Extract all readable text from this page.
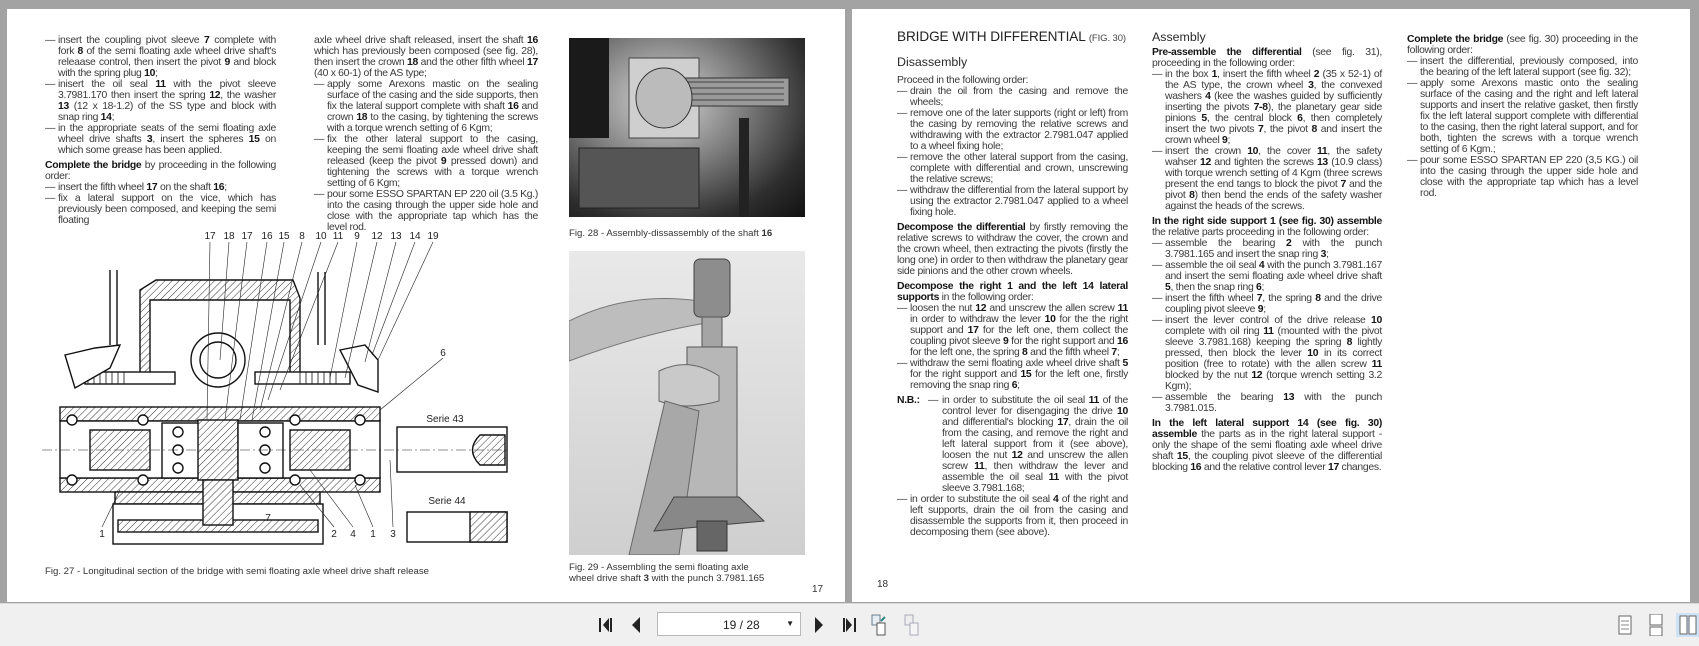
— insert the coupling pivot sleeve 7 complete with fork 8 of the semi floating axle wheel drive shaft's releaase control, then insert the pivot 9 and block with the spring plug 10;
— inisert the oil seal 11 with the pivot sleeve 3.7981.170 then insert the spring 12, the washer 13 (12 x 18-1.2) of the SS type and block with snap ring 14;
— in the appropriate seats of the semi floating axle wheel drive shafts 3, insert the spheres 15 on which some grease has been applied.
Complete the bridge by proceeding in the following order:
— insert the fifth wheel 17 on the shaft 16;
— fix a lateral support on the vice, which has previously been composed, and keeping the semi floating
axle wheel drive shaft released, insert the shaft 16 which has previously been composed (see fig. 28), then insert the crown 18 and the other fifth wheel 17 (40 x 60-1) of the AS type;
— apply some Arexons mastic on the sealing surface of the casing and the side supports, then fix the lateral support complete with shaft 16 and crown 18 to the casing, by tightening the screws with a torque wrench setting of 6 Kgm;
— fix the other lateral support to the casing, keeping the semi floating axle wheel drive shaft released (keep the pivot 9 pressed down) and tightening the screws with a torque wrench setting of 6 Kgm;
— pour some ESSO SPARTAN EP 220 oil (3.5 Kg.) into the casing through the upper side hole and close with the appropriate tap which has the level rod.
Fig. 28 - Assembly-dissassembly of the shaft 16
Fig. 29 - Assembling the semi floating axle wheel drive shaft 3 with the punch 3.7981.165
Fig. 27 - Longitudinal section of the bridge with semi floating axle wheel drive shaft release
17
17 18 17 16 15 8 10 11 9 12 13 14 19
1
7
2 4 1 3
6
Serie 43
Serie 44
BRIDGE WITH DIFFERENTIAL (FIG. 30)
Disassembly
Proceed in the following order:
— drain the oil from the casing and remove the wheels;
— remove one of the later supports (right or left) from the casing by removing the relative screws and withdrawing with the extractor 2.7981.047 applied to a wheel fixing hole;
— remove the other lateral support from the casing, complete with differential and crown, unscrewing the relative screws;
— withdraw the differential from the lateral support by using the extractor 2.7981.047 applied to a wheel fixing hole.
Decompose the differential by firstly removing the relative screws to withdraw the cover, the crown and the crown wheel, then extracting the pivots (firstly the long one) in order to then withdraw the planetary gear side pinions and the other crown wheels.
Decompose the right 1 and the left 14 lateral supports in the following order:
— loosen the nut 12 and unscrew the allen screw 11 in order to withdraw the lever 10 for the the right support and 17 for the left one, them collect the coupling pivot sleeve 9 for the right support and 16 for the left one, the spring 8 and the fifth wheel 7;
— withdraw the semi floating axle wheel drive shaft 5 for the right support and 15 for the left one, firstly removing the snap ring 6;
N.B.: — in order to substitute the oil seal 11 of the control lever for disengaging the drive 10 and differential's blocking 17, drain the oil from the casing, and remove the right and left lateral support from it (see above), loosen the nut 12 and unscrew the allen screw 11, then withdraw the lever and assemble the oil seal 11 with the pivot sleeve 3.7981.168;
— in order to substitute the oil seal 4 of the right and left supports, drain the oil from the casing and disassemble the supports from it, then proceed in decomposing them (see above).
Assembly
Pre-assemble the differential (see fig. 31), proceeding in the following order:
— in the box 1, insert the fifth wheel 2 (35 x 52-1) of the AS type, the crown wheel 3, the convexed washers 4 (kee the washes guided by sufficiently inserting the pivots 7-8), the planetary gear side pinions 5, the central block 6, then completely insert the two pivots 7, the pivot 8 and insert the crown wheel 9;
— insert the crown 10, the cover 11, the safety wahser 12 and tighten the screws 13 (10.9 class) with torque wrench setting of 4 Kgm (three screws present the end tangs to block the pivot 7 and the pivot 8) then bend the ends of the safety washer against the heads of the screws.
In the right side support 1 (see fig. 30) assemble the relative parts proceeding in the following order:
— assemble the bearing 2 with the punch 3.7981.165 and insert the snap ring 3;
— assemble the oil seal 4 with the punch 3.7981.167 and insert the semi floating axle wheel drive shaft 5, then the snap ring 6;
— insert the fifth wheel 7, the spring 8 and the drive coupling pivot sleeve 9;
— insert the lever control of the drive release 10 complete with oil ring 11 (mounted with the pivot sleeve 3.7981.168) keeping the spring 8 lightly pressed, then block the lever 10 in its correct position (free to rotate) with the allen screw 11 blocked by the nut 12 (torque wrench setting 3.2 Kgm);
— assemble the bearing 13 with the punch 3.7981.015.
In the left lateral support 14 (see fig. 30) assemble the parts as in the right lateral support - only the shape of the semi floating axle wheel drive shaft 15, the coupling pivot sleeve of the differential blocking 16 and the relative control lever 17 changes.
Complete the bridge (see fig. 30) proceeding in the following order:
— insert the differential, previously composed, into the bearing of the left lateral support (see fig. 32);
— apply some Arexons mastic onto the sealing surface of the casing and the right and left lateral supports and insert the relative gasket, then firstly fix the left lateral support complete with differential to the casing, then the right lateral support, and for both, tighten the screws with a torque wrench setting of 6 Kgm.;
— pour some ESSO SPARTAN EP 220 (3,5 KG.) oil into the casing through the upper side hole and close with the appropriate tap which has a level rod.
18
19 / 28	▼
